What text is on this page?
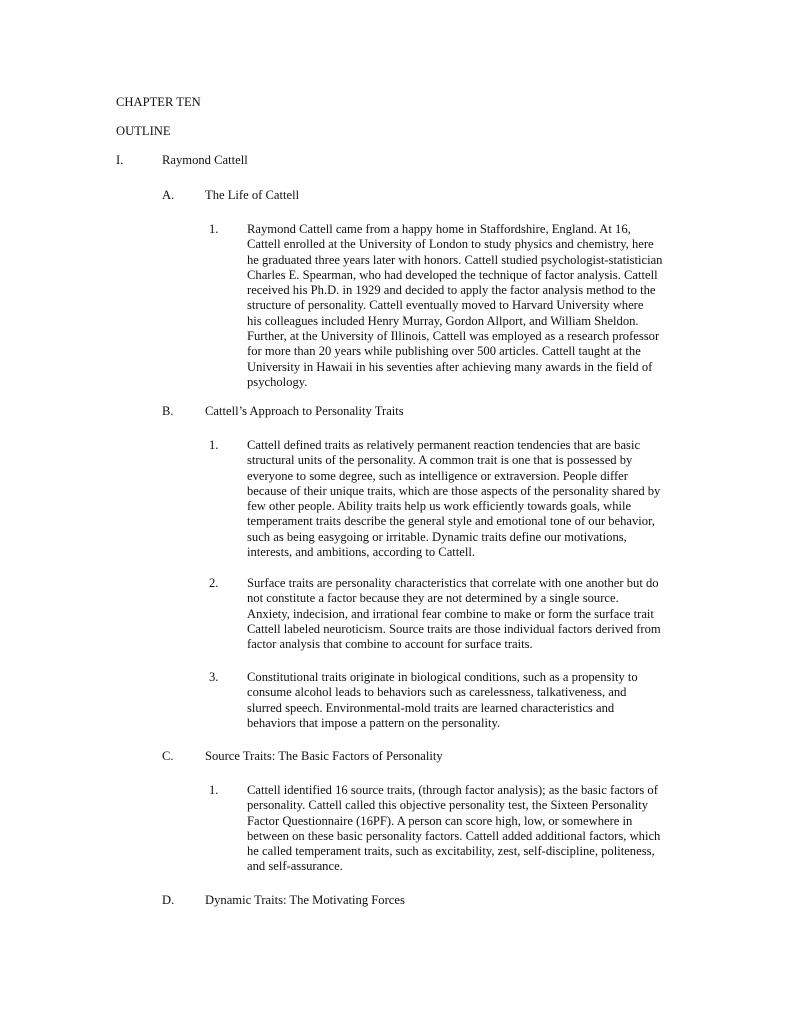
CHAPTER TEN
OUTLINE
I.	Raymond Cattell
A. The Life of Cattell
1. Raymond Cattell came from a happy home in Staffordshire, England. At 16,
Cattell enrolled at the University of London to study physics and chemistry, here
he graduated three years later with honors. Cattell studied psychologist-statistician
Charles E. Spearman, who had developed the technique of factor analysis. Cattell
received his Ph.D. in 1929 and decided to apply the factor analysis method to the
structure of personality. Cattell eventually moved to Harvard University where
his colleagues included Henry Murray, Gordon Allport, and William Sheldon.
Further, at the University of Illinois, Cattell was employed as a research professor
for more than 20 years while publishing over 500 articles. Cattell taught at the
University in Hawaii in his seventies after achieving many awards in the field of
psychology.
B. Cattell’s Approach to Personality Traits
1. Cattell defined traits as relatively permanent reaction tendencies that are basic
structural units of the personality. A common trait is one that is possessed by
everyone to some degree, such as intelligence or extraversion. People differ
because of their unique traits, which are those aspects of the personality shared by
few other people. Ability traits help us work efficiently towards goals, while
temperament traits describe the general style and emotional tone of our behavior,
such as being easygoing or irritable. Dynamic traits define our motivations,
interests, and ambitions, according to Cattell.
2. Surface traits are personality characteristics that correlate with one another but do
not constitute a factor because they are not determined by a single source.
Anxiety, indecision, and irrational fear combine to make or form the surface trait
Cattell labeled neuroticism. Source traits are those individual factors derived from
factor analysis that combine to account for surface traits.
3. Constitutional traits originate in biological conditions, such as a propensity to
consume alcohol leads to behaviors such as carelessness, talkativeness, and
slurred speech. Environmental-mold traits are learned characteristics and
behaviors that impose a pattern on the personality.
C. Source Traits: The Basic Factors of Personality
1. Cattell identified 16 source traits, (through factor analysis); as the basic factors of
personality. Cattell called this objective personality test, the Sixteen Personality
Factor Questionnaire (16PF). A person can score high, low, or somewhere in
between on these basic personality factors. Cattell added additional factors, which
he called temperament traits, such as excitability, zest, self-discipline, politeness,
and self-assurance.
D. Dynamic Traits: The Motivating Forces
